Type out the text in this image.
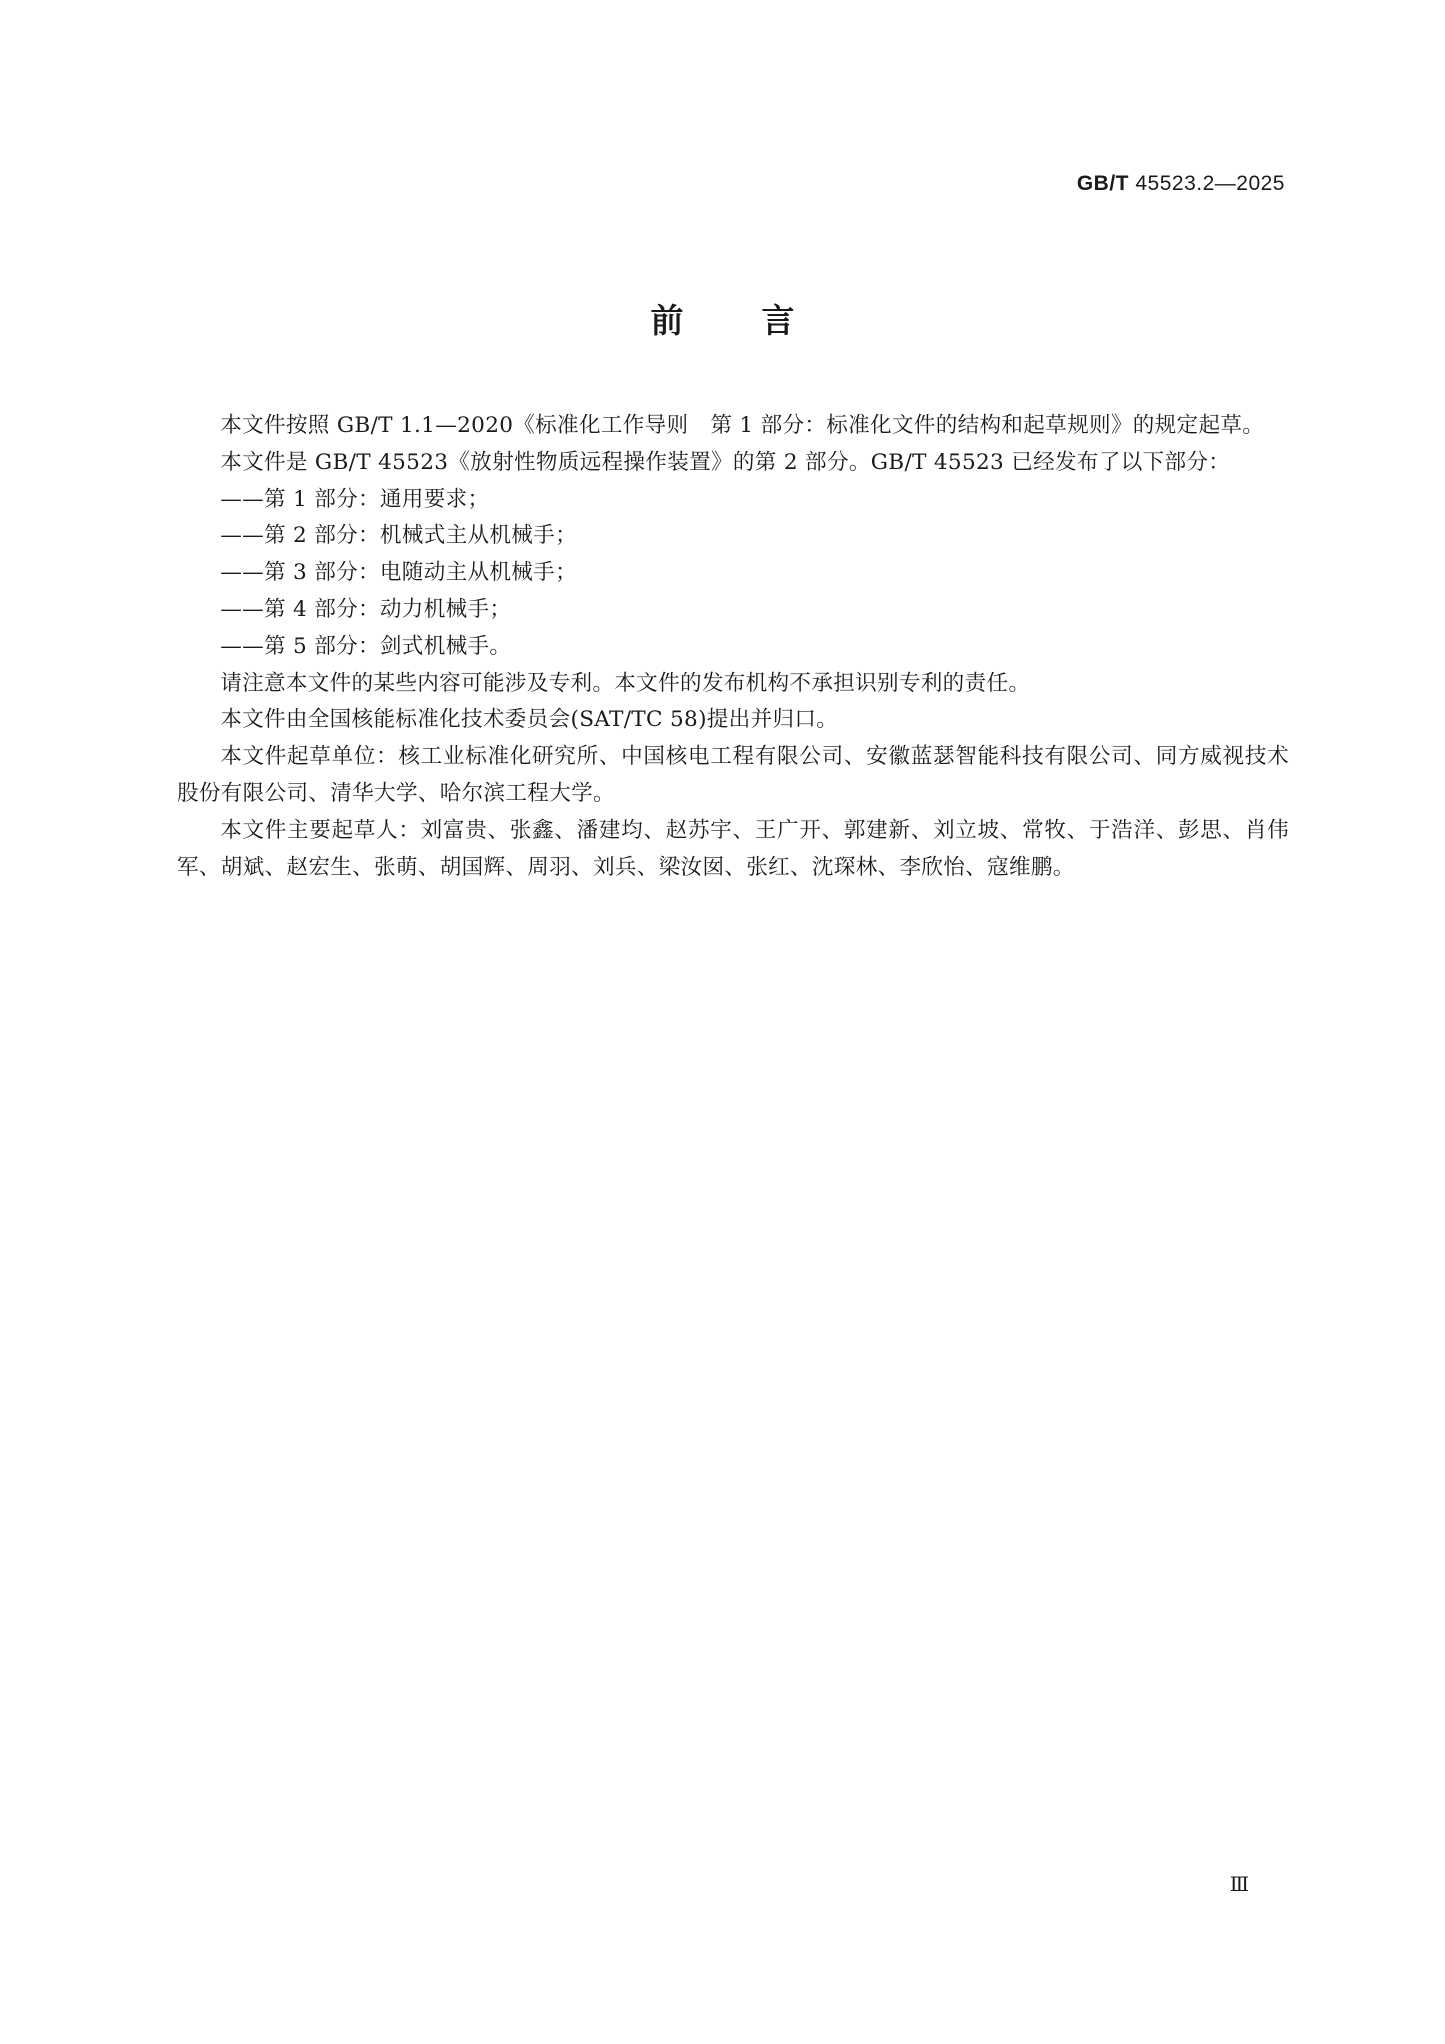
GB/T 45523.2—2025
前言

本文件按照 GB/T 1.1—2020《标准化工作导则　第 1 部分：标准化文件的结构和起草规则》的规定起草。

本文件是 GB/T 45523《放射性物质远程操作装置》的第 2 部分。GB/T 45523 已经发布了以下部分：

——第 1 部分：通用要求；

——第 2 部分：机械式主从机械手；

——第 3 部分：电随动主从机械手；

——第 4 部分：动力机械手；

——第 5 部分：剑式机械手。

请注意本文件的某些内容可能涉及专利。本文件的发布机构不承担识别专利的责任。

本文件由全国核能标准化技术委员会(SAT/TC 58)提出并归口。

本文件起草单位：核工业标准化研究所、中国核电工程有限公司、安徽蓝瑟智能科技有限公司、同方威视技术股份有限公司、清华大学、哈尔滨工程大学。

本文件主要起草人：刘富贵、张鑫、潘建均、赵苏宇、王广开、郭建新、刘立坡、常牧、于浩洋、彭思、肖伟军、胡斌、赵宏生、张萌、胡国辉、周羽、刘兵、梁汝囡、张红、沈琛林、李欣怡、寇维鹏。

Ⅲ
